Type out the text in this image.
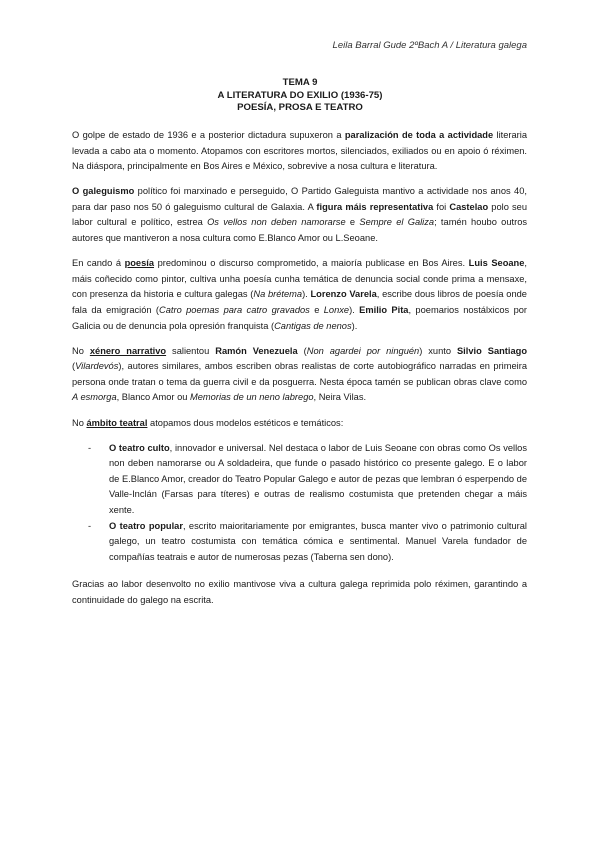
Leila Barral Gude 2ºBach A / Literatura galega
TEMA 9
A LITERATURA DO EXILIO (1936-75)
POESÍA, PROSA E TEATRO

O golpe de estado de 1936 e a posterior dictadura supuxeron a paralización de toda a actividade literaria levada a cabo ata o momento. Atopamos con escritores mortos, silenciados, exiliados ou en apoio ó réximen. Na diáspora, principalmente en Bos Aires e México, sobrevive a nosa cultura e literatura.

O galeguismo político foi marxinado e perseguido, O Partido Galeguista mantivo a actividade nos anos 40, para dar paso nos 50 ó galeguismo cultural de Galaxia. A figura máis representativa foi Castelao polo seu labor cultural e político, estrea Os vellos non deben namorarse e Sempre el Galiza; tamén houbo outros autores que mantiveron a nosa cultura como E.Blanco Amor ou L.Seoane.

En cando á poesía predominou o discurso comprometido, a maioría publicase en Bos Aires. Luis Seoane, máis coñecido como pintor, cultiva unha poesía cunha temática de denuncia social conde prima a mensaxe, con presenza da historia e cultura galegas (Na brétema). Lorenzo Varela, escribe dous libros de poesía onde fala da emigración (Catro poemas para catro gravados e Lonxe). Emilio Pita, poemarios nostálxicos por Galicia ou de denuncia pola opresión franquista (Cantigas de nenos).

No xénero narrativo salientou Ramón Venezuela (Non agardei por ninguén) xunto Silvio Santiago (Vilardevós), autores similares, ambos escriben obras realistas de corte autobiográfico narradas en primeira persona onde tratan o tema da guerra civil e da posguerra. Nesta época tamén se publican obras clave como A esmorga, Blanco Amor ou Memorias de un neno labrego, Neira Vilas.

No ámbito teatral atopamos dous modelos estéticos e temáticos:

- O teatro culto, innovador e universal. Nel destaca o labor de Luis Seoane con obras como Os vellos non deben namorarse ou A soldadeira, que funde o pasado histórico co presente galego. E o labor de E.Blanco Amor, creador do Teatro Popular Galego e autor de pezas que lembran ó esperpendo de Valle-Inclán (Farsas para títeres) e outras de realismo costumista que pretenden chegar a máis xente.
- O teatro popular, escrito maioritariamente por emigrantes, busca manter vivo o patrimonio cultural galego, un teatro costumista con temática cómica e sentimental. Manuel Varela fundador de compañías teatrais e autor de numerosas pezas (Taberna sen dono).

Gracias ao labor desenvolto no exilio mantivose viva a cultura galega reprimida polo réximen, garantindo a continuidade do galego na escrita.
